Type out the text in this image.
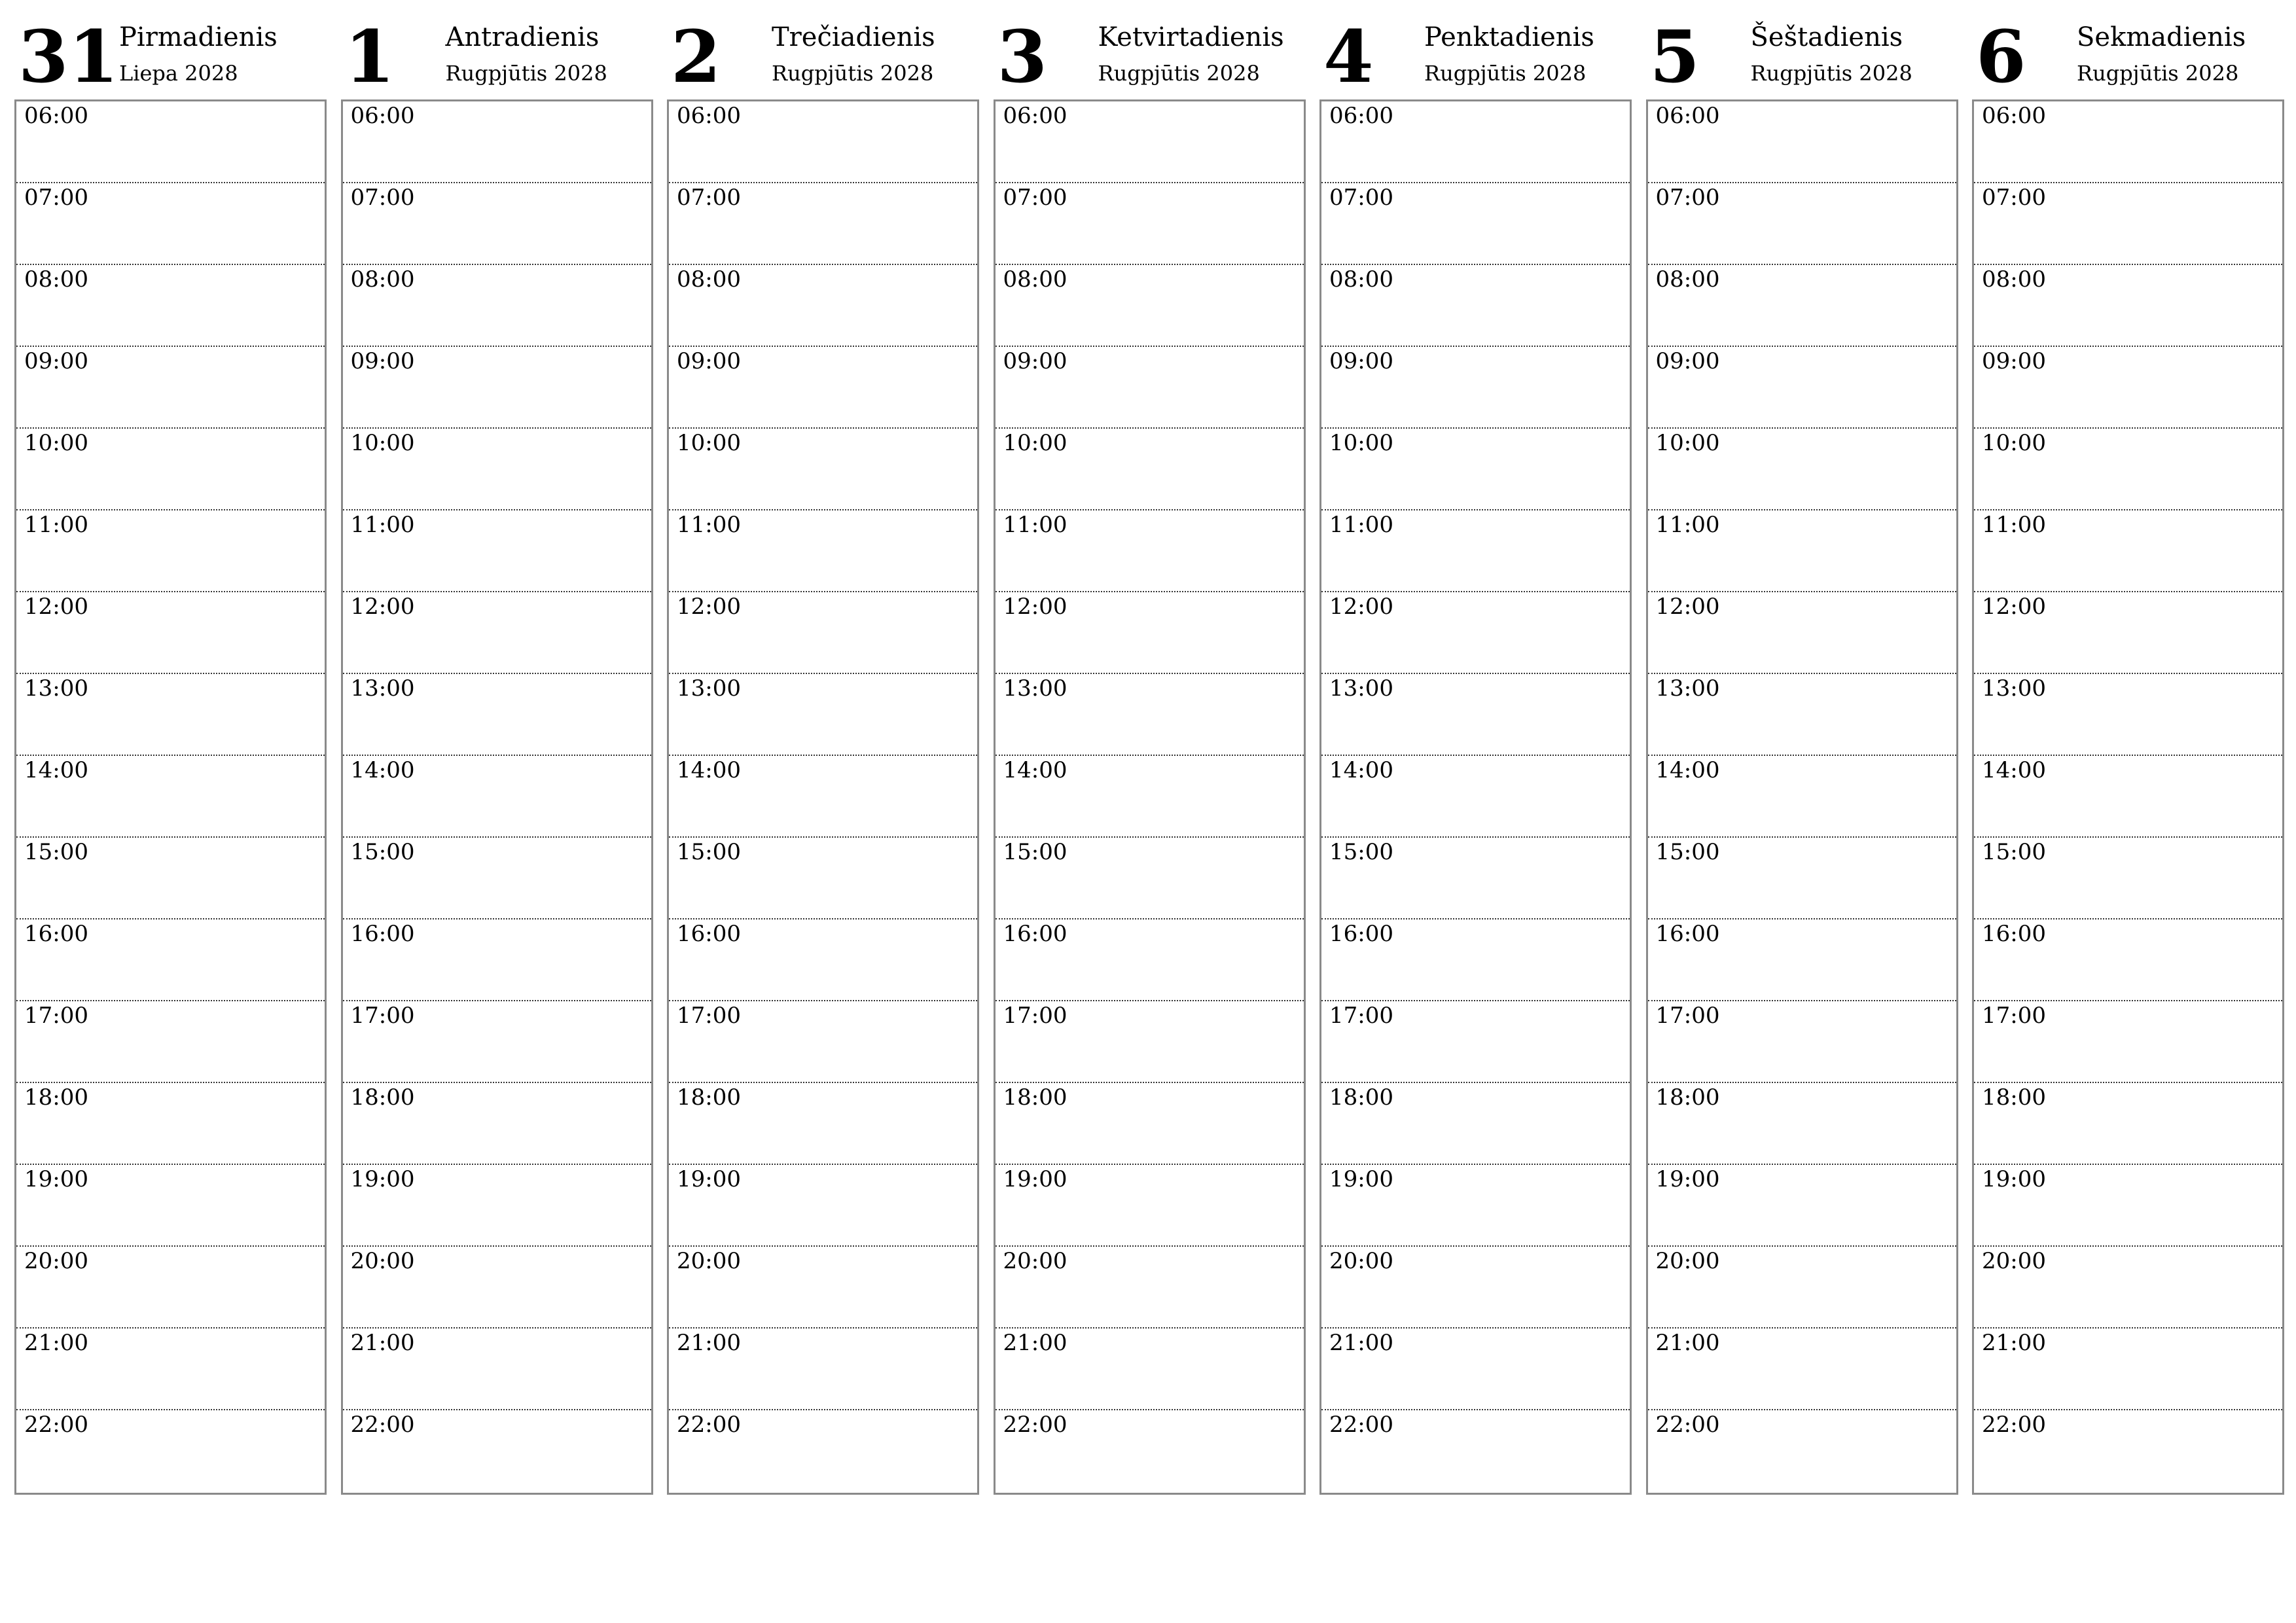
31 Pirmadienis
Liepa 2028
06:00
07:00
08:00
09:00
10:00
11:00
12:00
13:00
14:00
15:00
16:00
17:00
18:00
19:00
20:00
21:00
22:00
1 Antradienis
Rugpjūtis 2028
06:00
07:00
08:00
09:00
10:00
11:00
12:00
13:00
14:00
15:00
16:00
17:00
18:00
19:00
20:00
21:00
22:00
2 Trečiadienis
Rugpjūtis 2028
06:00
07:00
08:00
09:00
10:00
11:00
12:00
13:00
14:00
15:00
16:00
17:00
18:00
19:00
20:00
21:00
22:00
3 Ketvirtadienis
Rugpjūtis 2028
06:00
07:00
08:00
09:00
10:00
11:00
12:00
13:00
14:00
15:00
16:00
17:00
18:00
19:00
20:00
21:00
22:00
4 Penktadienis
Rugpjūtis 2028
06:00
07:00
08:00
09:00
10:00
11:00
12:00
13:00
14:00
15:00
16:00
17:00
18:00
19:00
20:00
21:00
22:00
5 Šeštadienis
Rugpjūtis 2028
06:00
07:00
08:00
09:00
10:00
11:00
12:00
13:00
14:00
15:00
16:00
17:00
18:00
19:00
20:00
21:00
22:00
6 Sekmadienis
Rugpjūtis 2028
06:00
07:00
08:00
09:00
10:00
11:00
12:00
13:00
14:00
15:00
16:00
17:00
18:00
19:00
20:00
21:00
22:00
